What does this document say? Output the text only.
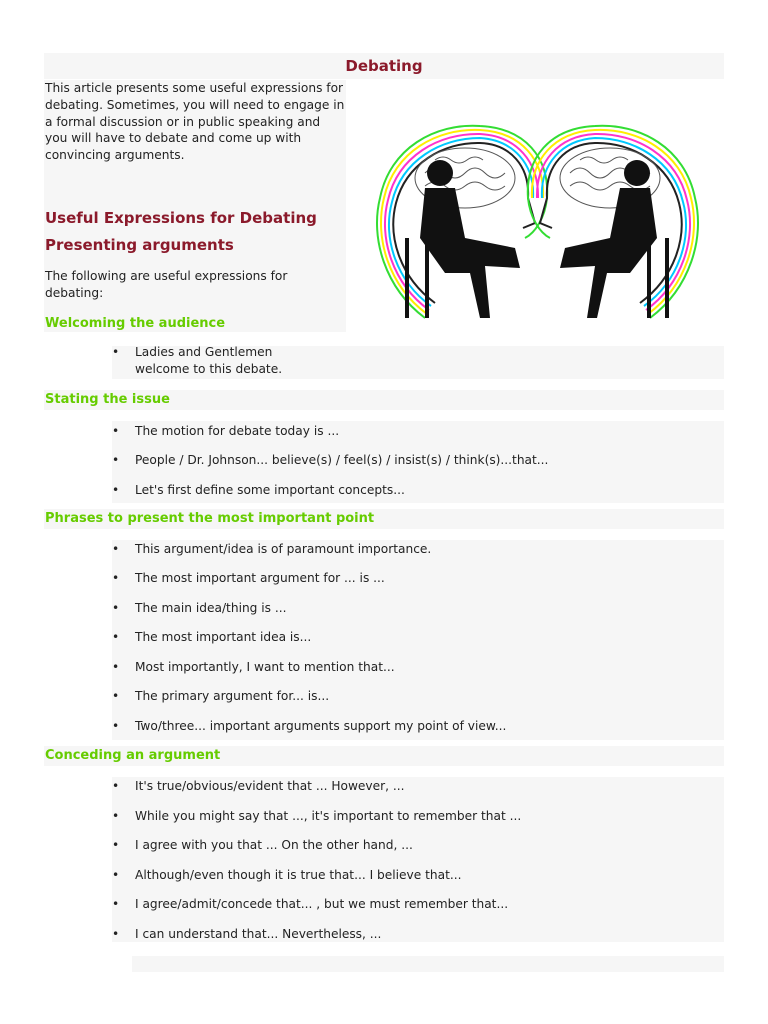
Debating
This article presents some useful expressions for debating. Sometimes, you will need to engage in a formal discussion or in public speaking and you will have to debate and come up with convincing arguments.
Useful Expressions for Debating
Presenting arguments
The following are useful expressions for debating:
Welcoming the audience
• Ladies and Gentlemen welcome to this debate.
Stating the issue
• The motion for debate today is ...
• People / Dr. Johnson... believe(s) / feel(s) / insist(s) / think(s)...that...
• Let's first define some important concepts...
Phrases to present the most important point
• This argument/idea is of paramount importance.
• The most important argument for ... is ...
• The main idea/thing is ...
• The most important idea is...
• Most importantly, I want to mention that...
• The primary argument for... is...
• Two/three... important arguments support my point of view...
Conceding an argument
• It's true/obvious/evident that ... However, ...
• While you might say that ..., it's important to remember that ...
• I agree with you that ... On the other hand, ...
• Although/even though it is true that... I believe that...
• I agree/admit/concede that... , but we must remember that...
• I can understand that... Nevertheless, ...
